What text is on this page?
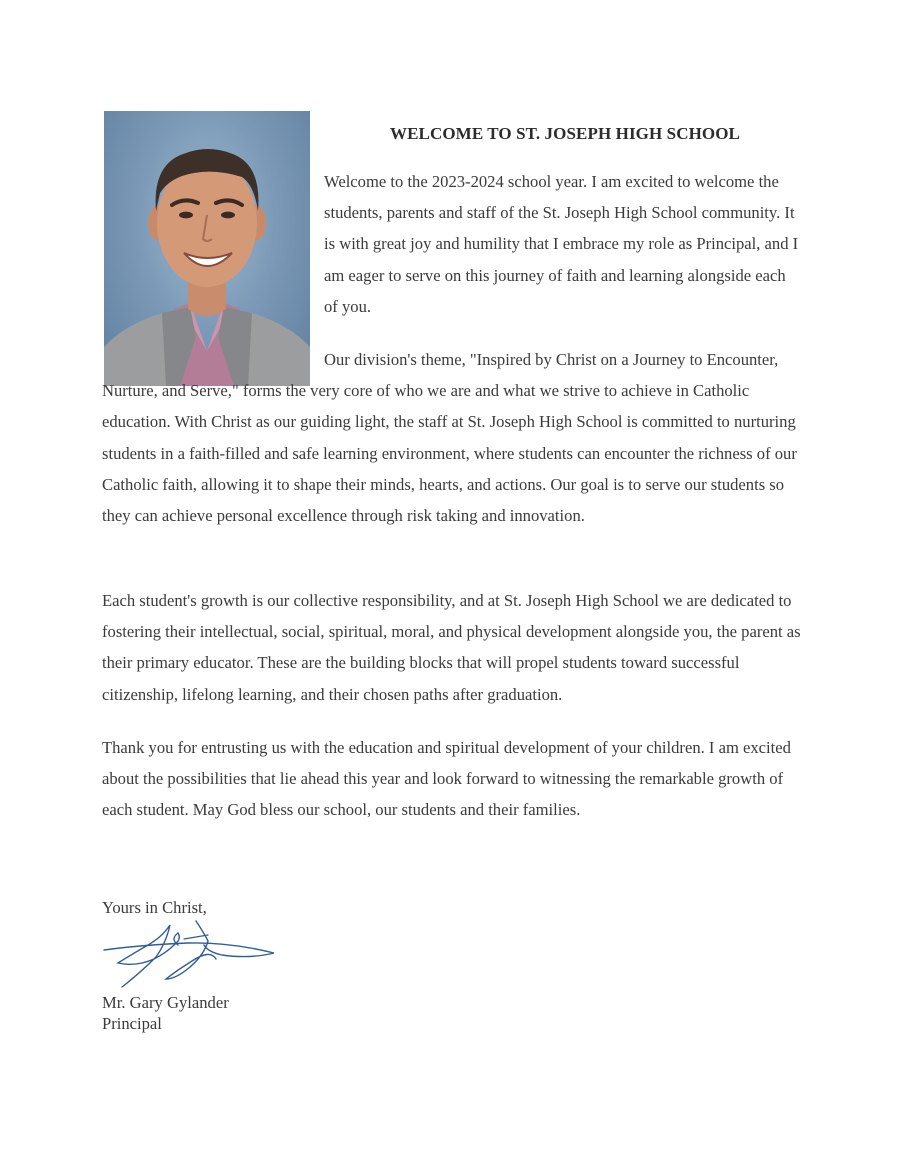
WELCOME TO ST. JOSEPH HIGH SCHOOL

Welcome to the 2023-2024 school year. I am excited to welcome the students, parents and staff of the St. Joseph High School community. It is with great joy and humility that I embrace my role as Principal, and I am eager to serve on this journey of faith and learning alongside each of you.

Our division's theme, "Inspired by Christ on a Journey to Encounter, Nurture, and Serve," forms the very core of who we are and what we strive to achieve in Catholic education. With Christ as our guiding light, the staff at St. Joseph High School is committed to nurturing students in a faith-filled and safe learning environment, where students can encounter the richness of our Catholic faith, allowing it to shape their minds, hearts, and actions. Our goal is to serve our students so they can achieve personal excellence through risk taking and innovation.

Each student's growth is our collective responsibility, and at St. Joseph High School we are dedicated to fostering their intellectual, social, spiritual, moral, and physical development alongside you, the parent as their primary educator. These are the building blocks that will propel students toward successful citizenship, lifelong learning, and their chosen paths after graduation.

Thank you for entrusting us with the education and spiritual development of your children. I am excited about the possibilities that lie ahead this year and look forward to witnessing the remarkable growth of each student. May God bless our school, our students and their families.

Yours in Christ,
Mr. Gary Gylander
Principal
